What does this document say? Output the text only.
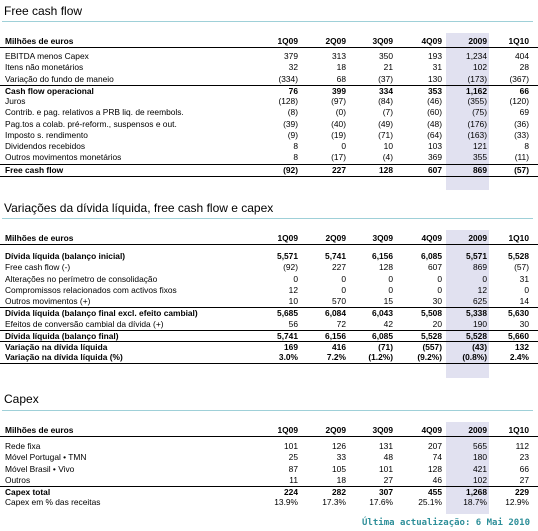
Free cash flow
Variações da dívida líquida, free cash flow e capex
Capex
Milhões de euros	1Q09	2Q09	3Q09	4Q09	2009	1Q10
EBITDA menos Capex	379	313	350	193	1,234	404
Itens não monetários	32	18	21	31	102	28
Variação do fundo de maneio	(334)	68	(37)	130	(173)	(367)
Cash flow operacional	76	399	334	353	1,162	66
Juros	(128)	(97)	(84)	(46)	(355)	(120)
Contrib. e pag. relativos a PRB liq. de reembols.	(8)	(0)	(7)	(60)	(75)	69
Pag.tos a colab. pré-reform., suspensos e out.	(39)	(40)	(49)	(48)	(176)	(36)
Imposto s. rendimento	(9)	(19)	(71)	(64)	(163)	(33)
Dividendos recebidos	8	0	10	103	121	8
Outros movimentos monetários	8	(17)	(4)	369	355	(11)
Free cash flow	(92)	227	128	607	869	(57)
Milhões de euros	1Q09	2Q09	3Q09	4Q09	2009	1Q10
Dívida líquida (balanço inicial)	5,571	5,741	6,156	6,085	5,571	5,528
Free cash flow (-)	(92)	227	128	607	869	(57)
Alterações no perímetro de consolidação	0	0	0	0	0	31
Compromissos relacionados com activos fixos	12	0	0	0	12	0
Outros movimentos (+)	10	570	15	30	625	14
Dívida líquida (balanço final excl. efeito cambial)	5,685	6,084	6,043	5,508	5,338	5,630
Efeitos de conversão cambial da dívida (+)	56	72	42	20	190	30
Dívida líquida (balanço final)	5,741	6,156	6,085	5,528	5,528	5,660
Variação na dívida líquida	169	416	(71)	(557)	(43)	132
Variação na dívida líquida (%)	3.0%	7.2%	(1.2%)	(9.2%)	(0.8%)	2.4%
Milhões de euros	1Q09	2Q09	3Q09	4Q09	2009	1Q10
Rede fixa	101	126	131	207	565	112
Móvel Portugal • TMN	25	33	48	74	180	23
Móvel Brasil • Vivo	87	105	101	128	421	66
Outros	11	18	27	46	102	27
Capex total	224	282	307	455	1,268	229
Capex em % das receitas	13.9%	17.3%	17.6%	25.1%	18.7%	12.9%
Última actualização: 6 Mai 2010
